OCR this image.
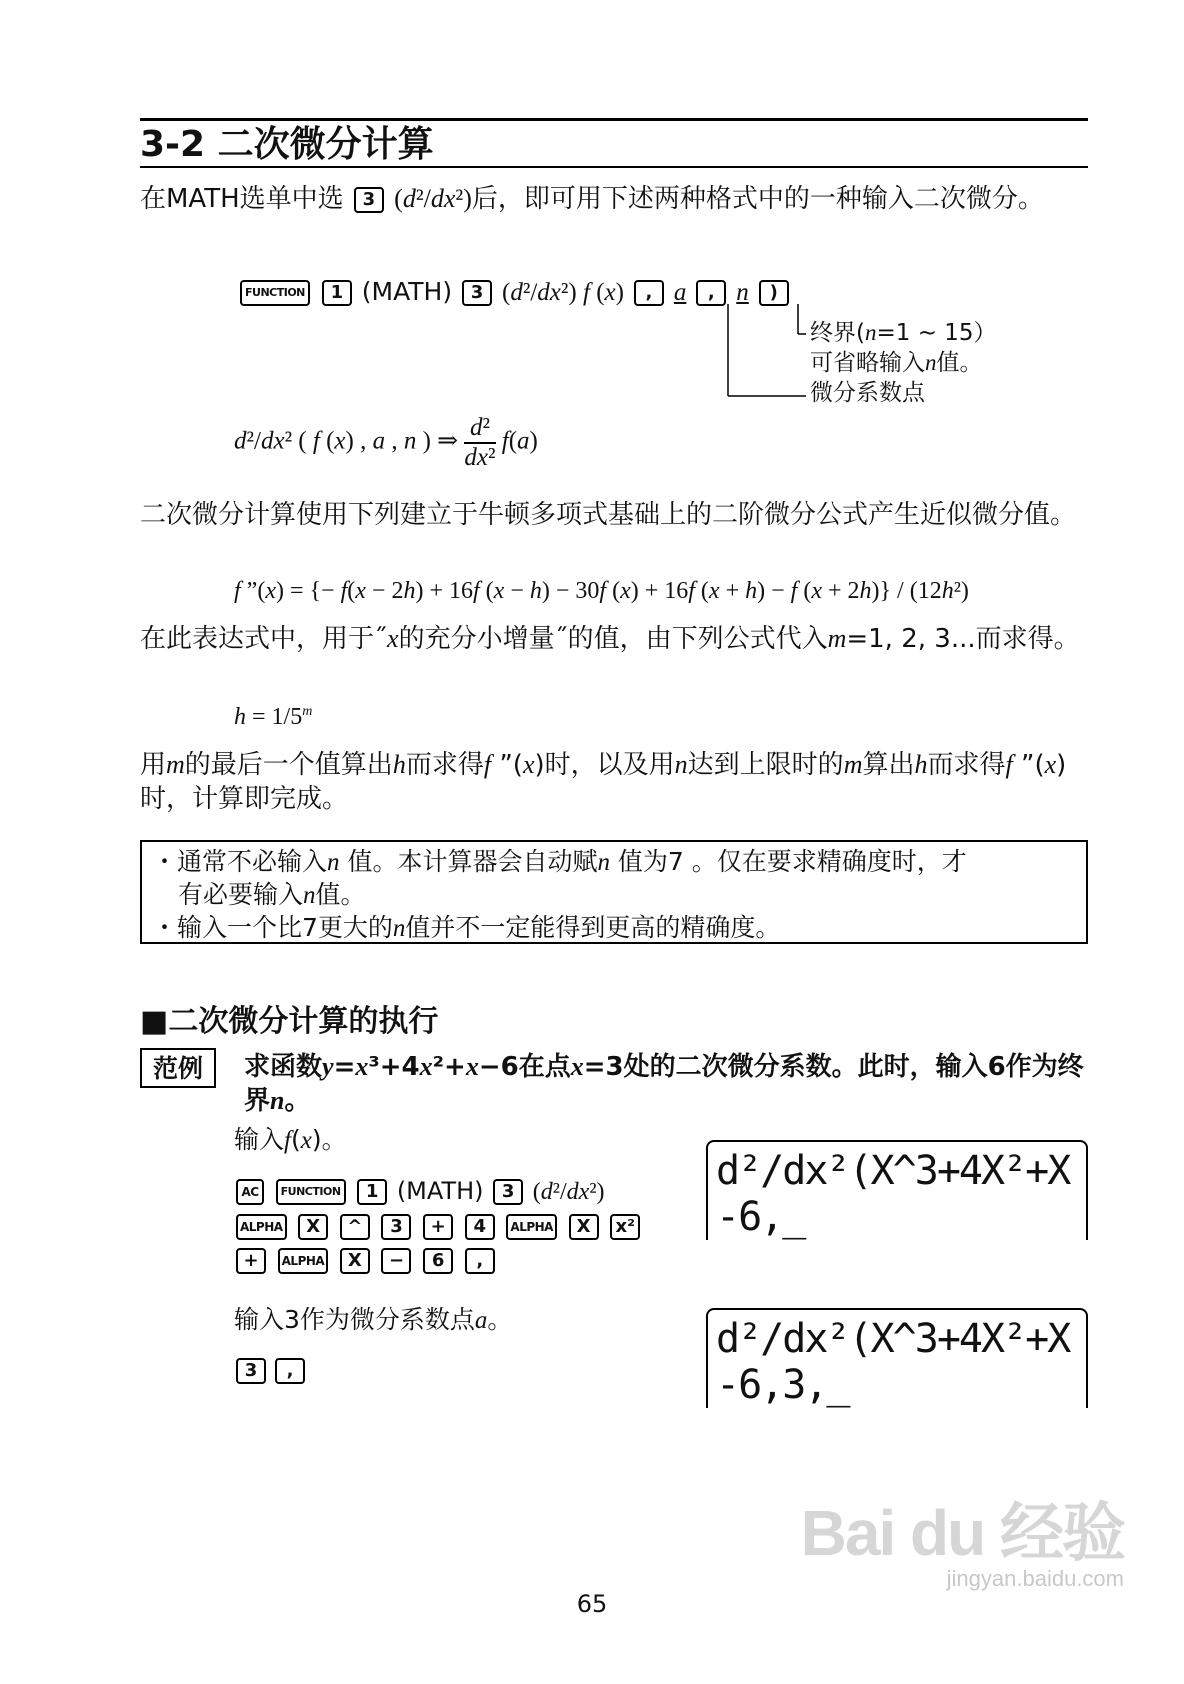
3-2 二次微分计算
在MATH选单中选 3 (d²/dx²)后，即可用下述两种格式中的一种输入二次微分。
FUNCTION 1 (MATH) 3 (d²/dx²) f (x) , a , n )
终界(n=1 ~ 15）
可省略输入n值。
微分系数点
d²/dx² ( f (x) , a , n ) ⇒ $\frac{\text{d²}}{\text{dx²}} f(a)$
二次微分计算使用下列建立于牛顿多项式基础上的二阶微分公式产生近似微分值。
f ”(x) = {− f(x − 2h) + 16f (x − h) − 30f (x) + 16f (x + h) − f (x + 2h)} / (12h²)
在此表达式中，用于˝x的充分小增量˝的值，由下列公式代入m=1, 2, 3...而求得。
$h = 1/5^m$
用m的最后一个值算出h而求得f ”(x)时，以及用n达到上限时的m算出h而求得f ”(x)时，计算即完成。
・通常不必输入n 值。本计算器会自动赋n 值为7 。仅在要求精确度时，才
有必要输入n值。
・输入一个比7更大的n值并不一定能得到更高的精确度。
■二次微分计算的执行
范例	求函数y=x³+4x²+x−6在点x=3处的二次微分系数。此时，输入6作为终界n。
输入f(x)。
AC FUNCTION 1 (MATH) 3 (d²/dx²)
ALPHA X ^ 3 + 4 ALPHA X x²
+ ALPHA X − 6 ,
d²/dx²(X^3+4X²+X
-6,_
输入3作为微分系数点a。
3 ,
d²/dx²(X^3+4X²+X
-6,3,_
65
Bai du 经验
jingyan.baidu.com
